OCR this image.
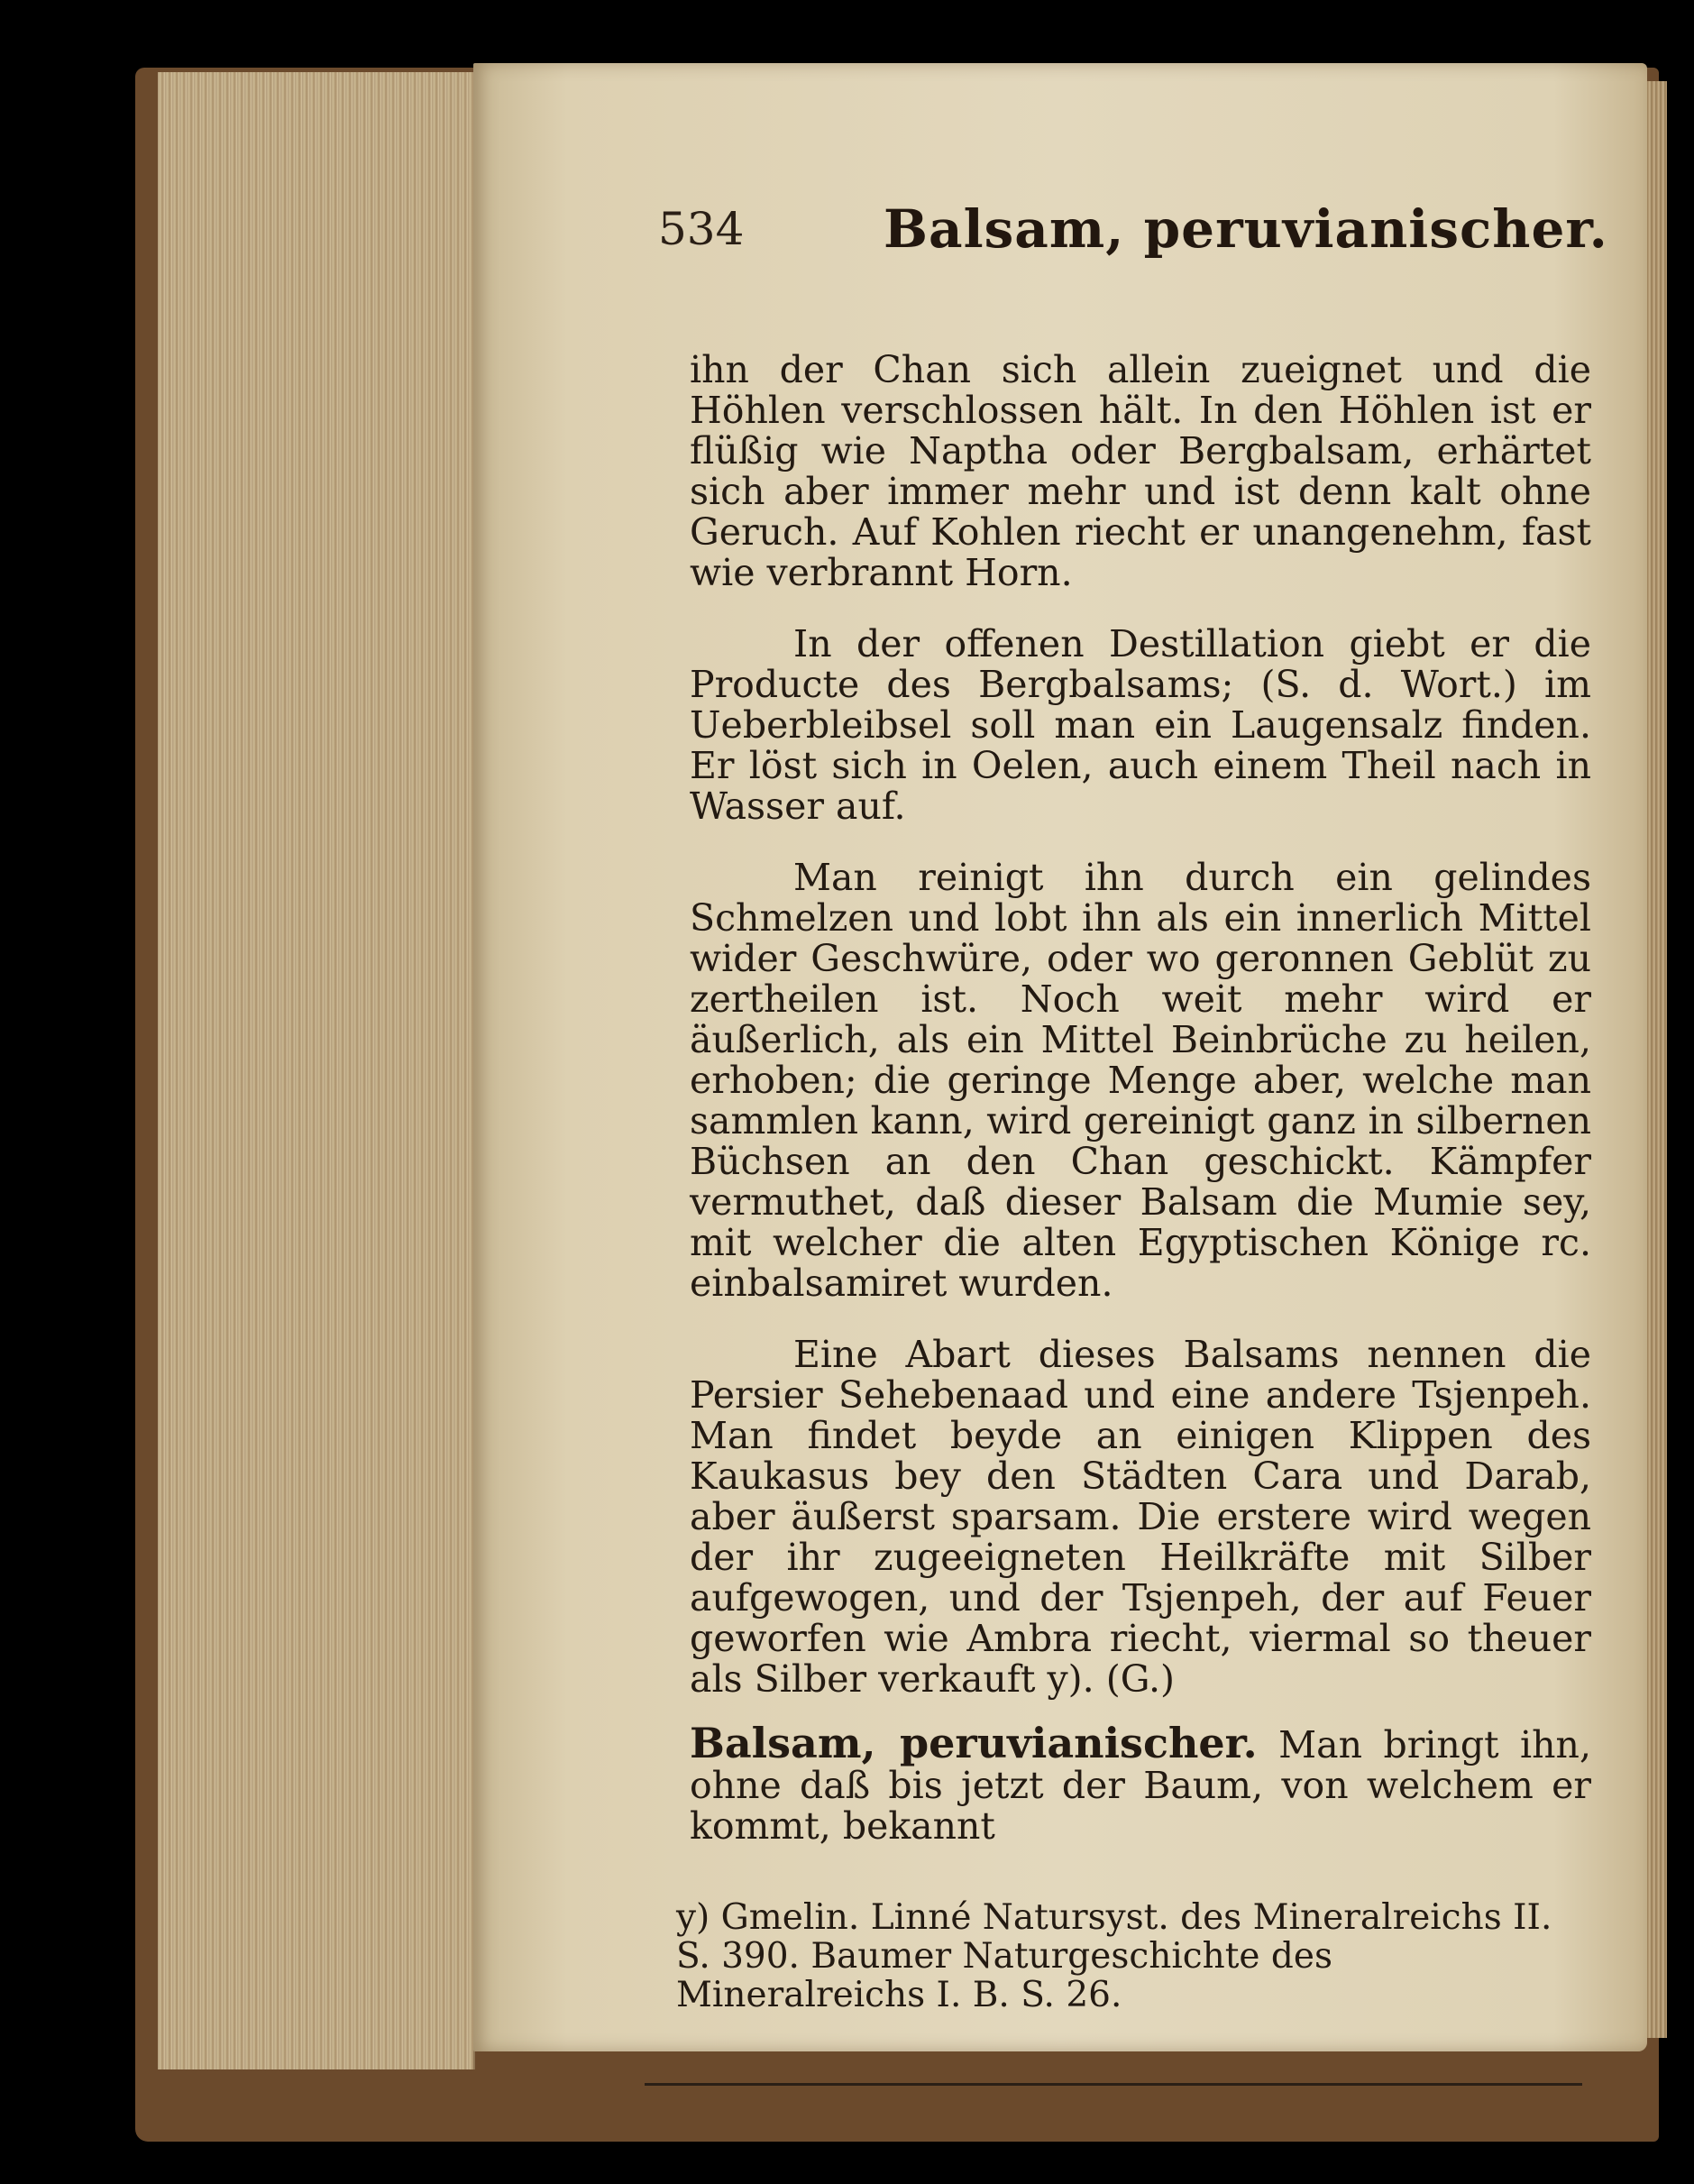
534	Balsam, peruvianischer.

ihn der Chan sich allein zueignet und die Höhlen verschlossen hält. In den Höhlen ist er flüßig wie Naptha oder Bergbalsam, erhärtet sich aber immer mehr und ist denn kalt ohne Geruch. Auf Kohlen riecht er unangenehm, fast wie verbrannt Horn.

In der offenen Destillation giebt er die Producte des Bergbalsams; (S. d. Wort.) im Ueberbleibsel soll man ein Laugensalz finden. Er löst sich in Oelen, auch einem Theil nach in Wasser auf.

Man reinigt ihn durch ein gelindes Schmelzen und lobt ihn als ein innerlich Mittel wider Geschwüre, oder wo geronnen Geblüt zu zertheilen ist. Noch weit mehr wird er äußerlich, als ein Mittel Beinbrüche zu heilen, erhoben; die geringe Menge aber, welche man sammlen kann, wird gereinigt ganz in silbernen Büchsen an den Chan geschickt. Kämpfer vermuthet, daß dieser Balsam die Mumie sey, mit welcher die alten Egyptischen Könige rc. einbalsamiret wurden.

Eine Abart dieses Balsams nennen die Persier Sehebenaad und eine andere Tsjenpeh. Man findet beyde an einigen Klippen des Kaukasus bey den Städten Cara und Darab, aber äußerst sparsam. Die erstere wird wegen der ihr zugeeigneten Heilkräfte mit Silber aufgewogen, und der Tsjenpeh, der auf Feuer geworfen wie Ambra riecht, viermal so theuer als Silber verkauft y). (G.)

Balsam, peruvianischer. Man bringt ihn, ohne daß bis jetzt der Baum, von welchem er kommt, bekannt

y) Gmelin. Linné Natursyst. des Mineralreichs II. S. 390. Baumer Naturgeschichte des Mineralreichs I. B. S. 26.
